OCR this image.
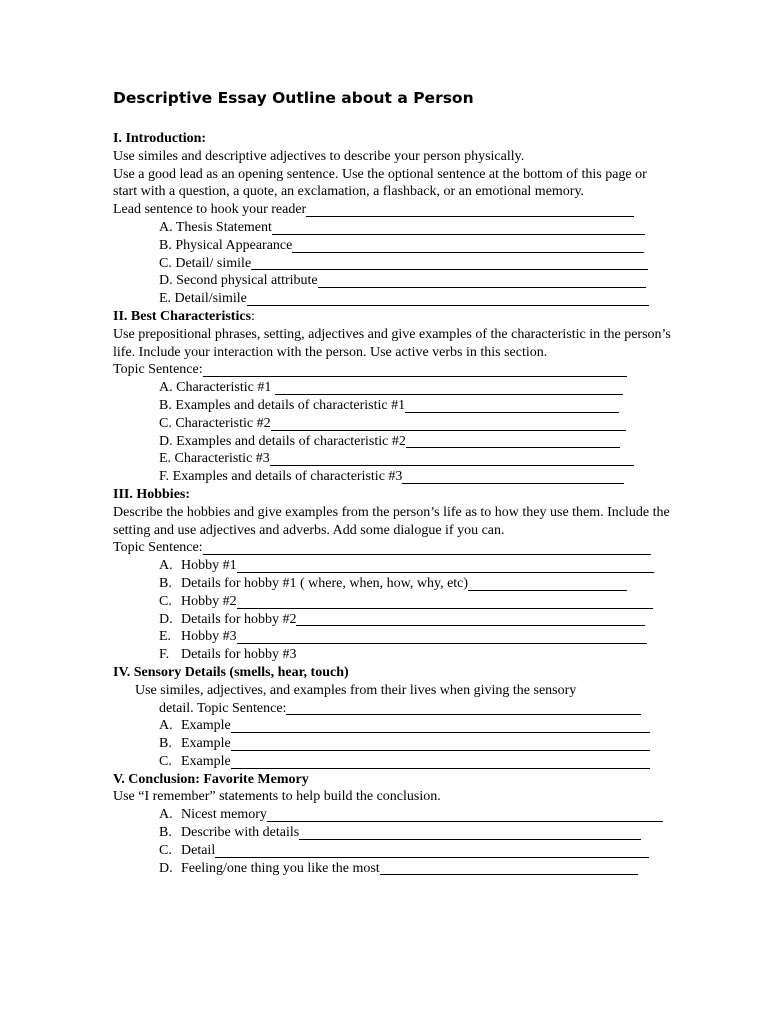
Descriptive Essay Outline about a Person
I. Introduction:
Use similes and descriptive adjectives to describe your person physically.
Use a good lead as an opening sentence. Use the optional sentence at the bottom of this page or start with a question, a quote, an exclamation, a flashback, or an emotional memory.
Lead sentence to hook your reader
A. Thesis Statement
B. Physical Appearance
C. Detail/ simile
D. Second physical attribute
E. Detail/simile
II. Best Characteristics:
Use prepositional phrases, setting, adjectives and give examples of the characteristic in the person’s life. Include your interaction with the person. Use active verbs in this section.
Topic Sentence:
A. Characteristic #1
B. Examples and details of characteristic #1
C. Characteristic #2
D. Examples and details of characteristic #2
E. Characteristic #3
F. Examples and details of characteristic #3
III. Hobbies:
Describe the hobbies and give examples from the person’s life as to how they use them. Include the setting and use adjectives and adverbs. Add some dialogue if you can.
Topic Sentence:
A. Hobby #1
B. Details for hobby #1 ( where, when, how, why, etc)
C. Hobby #2
D. Details for hobby #2
E. Hobby #3
F. Details for hobby #3
IV. Sensory Details (smells, hear, touch)
Use similes, adjectives, and examples from their lives when giving the sensory
detail. Topic Sentence:
A. Example
B. Example
C. Example
V. Conclusion: Favorite Memory
Use “I remember” statements to help build the conclusion.
A. Nicest memory
B. Describe with details
C. Detail
D. Feeling/one thing you like the most
